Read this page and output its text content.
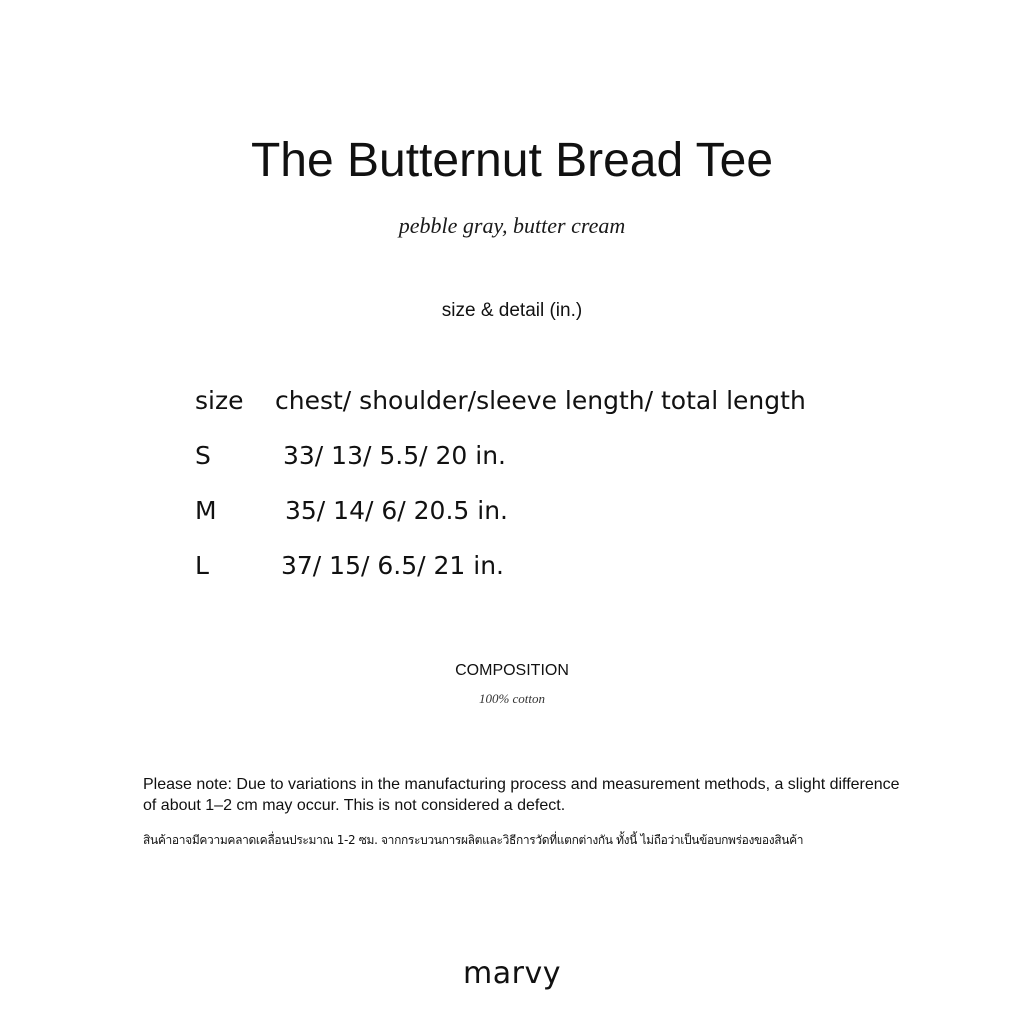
The Butternut Bread Tee
pebble gray, butter cream
size & detail (in.)
size chest/ shoulder/sleeve length/ total length
S	33/ 13/ 5.5/ 20 in.
M	35/ 14/ 6/ 20.5 in.
L	37/ 15/ 6.5/ 21 in.
COMPOSITION
100% cotton
Please note: Due to variations in the manufacturing process and measurement methods, a slight difference of about 1–2 cm may occur. This is not considered a defect.
สินค้าอาจมีความคลาดเคลื่อนประมาณ 1-2 ซม. จากกระบวนการผลิตและวิธีการวัดที่แตกต่างกัน ทั้งนี้ ไม่ถือว่าเป็นข้อบกพร่องของสินค้า
marvy
